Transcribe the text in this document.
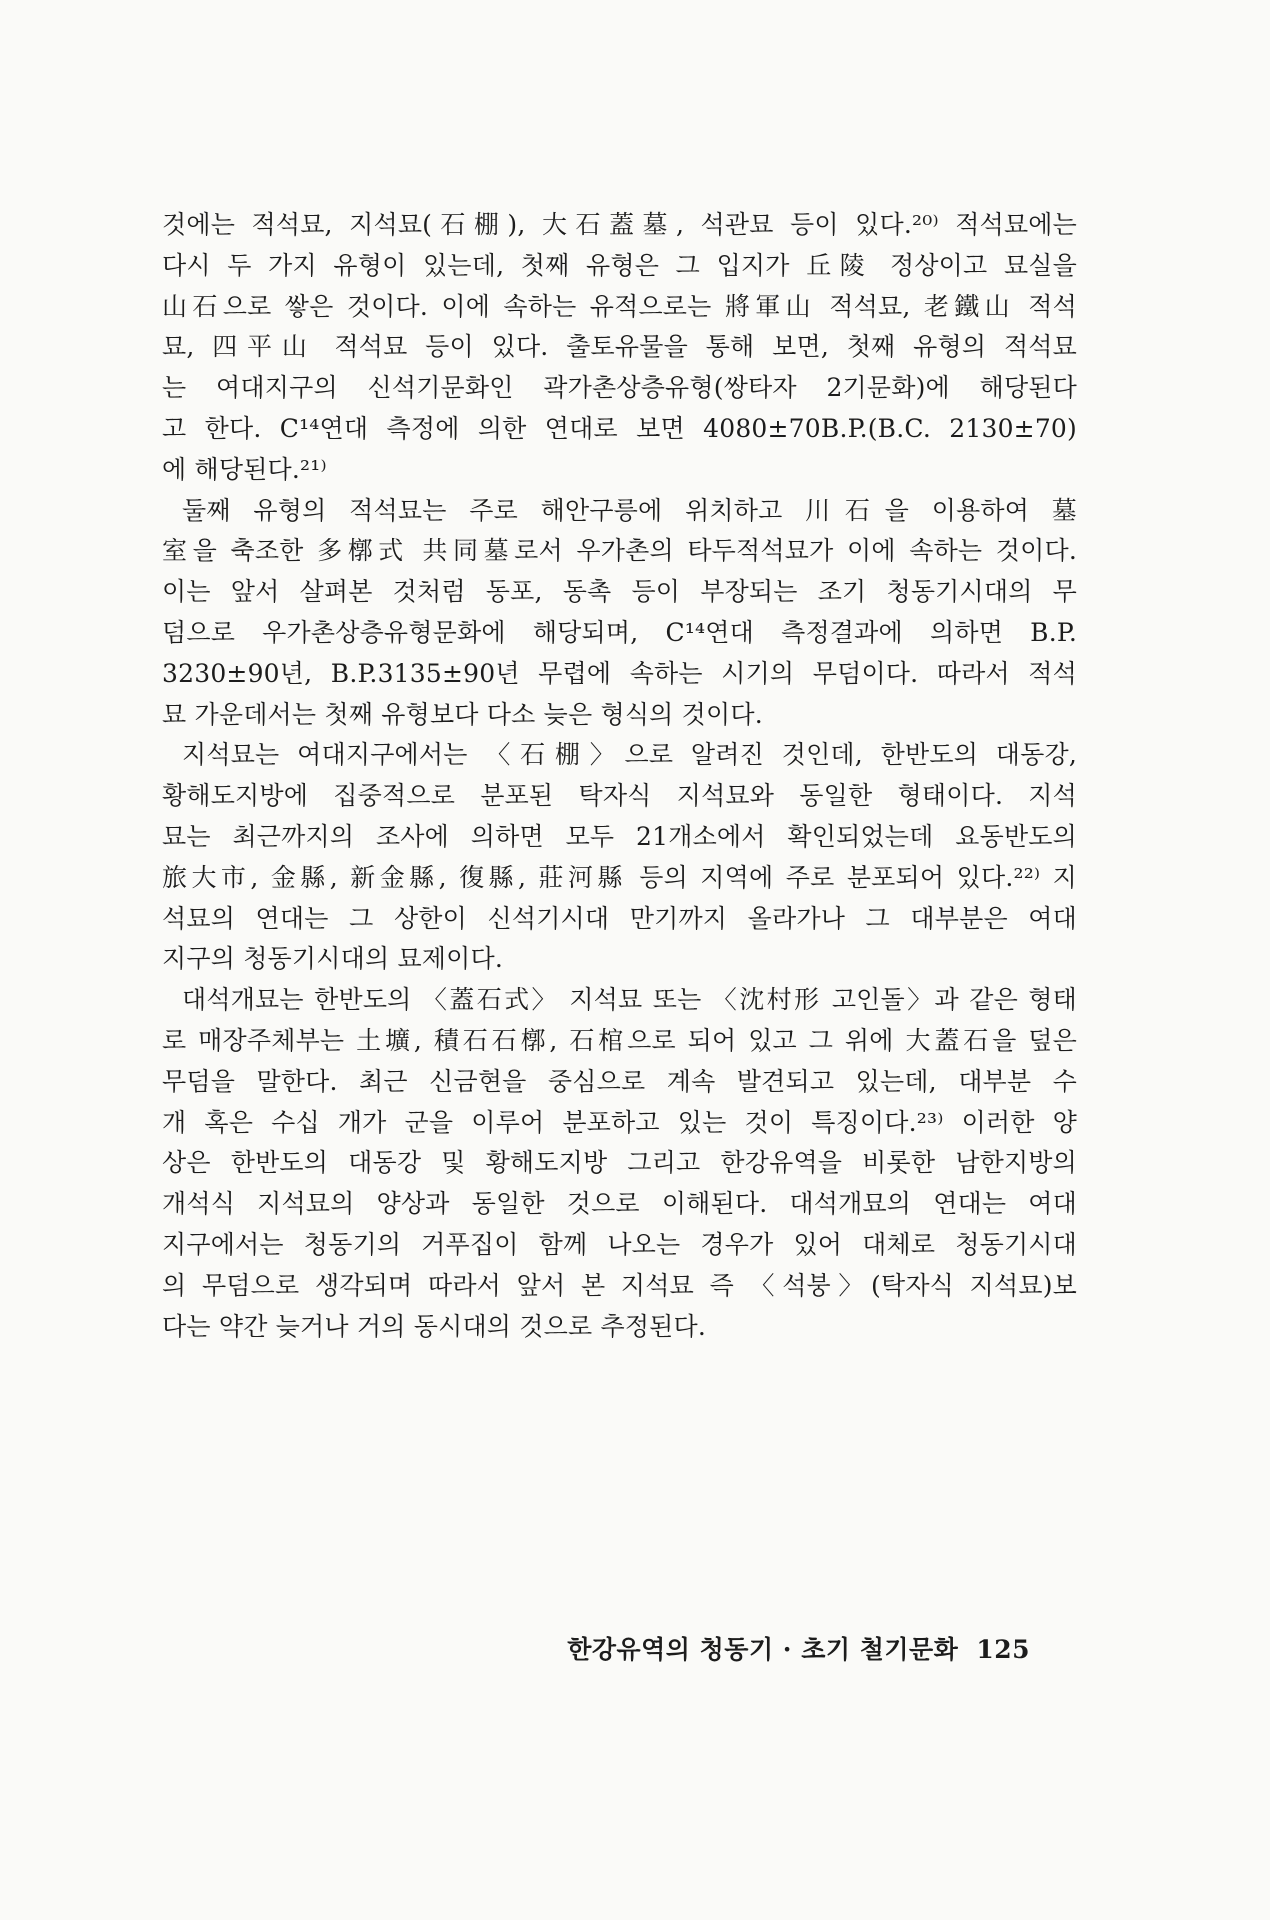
것에는 적석묘, 지석묘(石棚), 大石蓋墓, 석관묘 등이 있다.²⁰⁾ 적석묘에는
다시 두 가지 유형이 있는데, 첫째 유형은 그 입지가 丘陵 정상이고 묘실을
山石으로 쌓은 것이다. 이에 속하는 유적으로는 將軍山 적석묘, 老鐵山 적석
묘, 四平山 적석묘 등이 있다. 출토유물을 통해 보면, 첫째 유형의 적석묘
는 여대지구의 신석기문화인 곽가촌상층유형(쌍타자 2기문화)에 해당된다
고 한다. C¹⁴연대 측정에 의한 연대로 보면 4080±70B.P.(B.C. 2130±70)
에 해당된다.²¹⁾
둘째 유형의 적석묘는 주로 해안구릉에 위치하고 川石을 이용하여 墓
室을 축조한 多槨式 共同墓로서 우가촌의 타두적석묘가 이에 속하는 것이다.
이는 앞서 살펴본 것처럼 동포, 동촉 등이 부장되는 조기 청동기시대의 무
덤으로 우가촌상층유형문화에 해당되며, C¹⁴연대 측정결과에 의하면 B.P.
3230±90년, B.P.3135±90년 무렵에 속하는 시기의 무덤이다. 따라서 적석
묘 가운데서는 첫째 유형보다 다소 늦은 형식의 것이다.
지석묘는 여대지구에서는 〈石棚〉으로 알려진 것인데, 한반도의 대동강,
황해도지방에 집중적으로 분포된 탁자식 지석묘와 동일한 형태이다. 지석
묘는 최근까지의 조사에 의하면 모두 21개소에서 확인되었는데 요동반도의
旅大市, 金縣, 新金縣, 復縣, 莊河縣 등의 지역에 주로 분포되어 있다.²²⁾ 지
석묘의 연대는 그 상한이 신석기시대 만기까지 올라가나 그 대부분은 여대
지구의 청동기시대의 묘제이다.
대석개묘는 한반도의 〈蓋石式〉 지석묘 또는 〈沈村形 고인돌〉과 같은 형태
로 매장주체부는 土壙, 積石石槨, 石棺으로 되어 있고 그 위에 大蓋石을 덮은
무덤을 말한다. 최근 신금현을 중심으로 계속 발견되고 있는데, 대부분 수
개 혹은 수십 개가 군을 이루어 분포하고 있는 것이 특징이다.²³⁾ 이러한 양
상은 한반도의 대동강 및 황해도지방 그리고 한강유역을 비롯한 남한지방의
개석식 지석묘의 양상과 동일한 것으로 이해된다. 대석개묘의 연대는 여대
지구에서는 청동기의 거푸집이 함께 나오는 경우가 있어 대체로 청동기시대
의 무덤으로 생각되며 따라서 앞서 본 지석묘 즉 〈석붕〉(탁자식 지석묘)보
다는 약간 늦거나 거의 동시대의 것으로 추정된다.
한강유역의 청동기 · 초기 철기문화 125
